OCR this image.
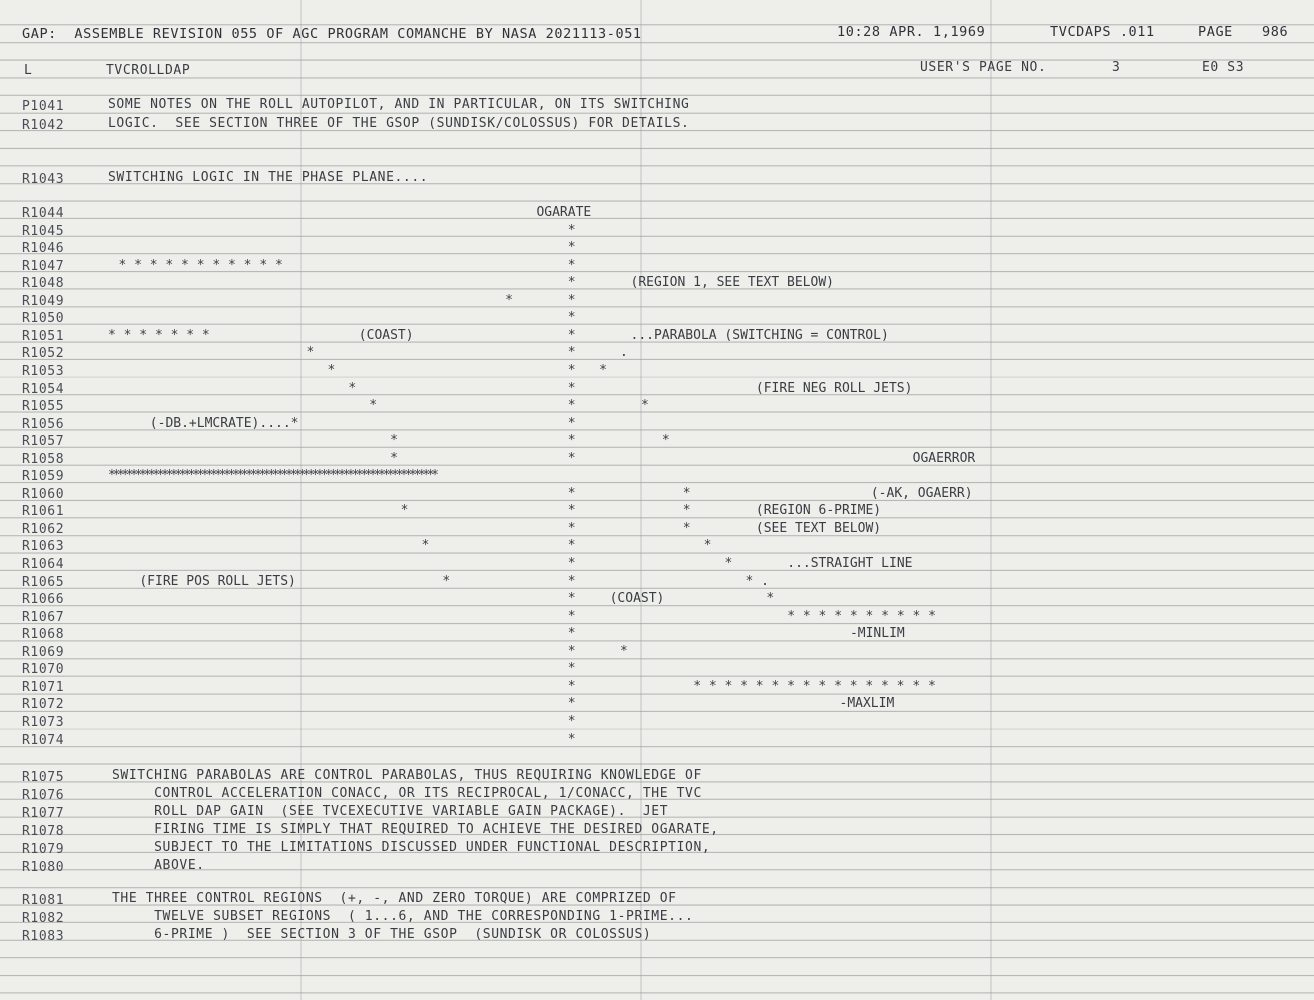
GAP:  ASSEMBLE REVISION 055 OF AGC PROGRAM COMANCHE BY NASA 2021113-051	10:28 APR. 1,1969	TVCDAPS .011	PAGE 986
L	TVCROLLDAP	USER'S PAGE NO.	3	E0 S3
P1041	SOME NOTES ON THE ROLL AUTOPILOT, AND IN PARTICULAR, ON ITS SWITCHING
R1042	LOGIC.  SEE SECTION THREE OF THE GSOP (SUNDISK/COLOSSUS) FOR DETAILS.
R1043	SWITCHING LOGIC IN THE PHASE PLANE....
R1044	OGARATE
R1045	*
R1046	*
R1047	* * * * * * * * * * *	*
R1048	*	(REGION 1, SEE TEXT BELOW)
R1049	*	*
R1050	*
R1051	* * * * * * *	(COAST)	*	...PARABOLA (SWITCHING = CONTROL)
R1052	*	*	.
R1053	*	* *
R1054	*	*	(FIRE NEG ROLL JETS)
R1055	*	*	*
R1056	(-DB.+LMCRATE)....*	*
R1057	*	*	*
R1058	*	*	OGAERROR
R1059	**************************************************************************
R1060	*	*	(-AK, OGAERR)
R1061	*	*	*	(REGION 6-PRIME)
R1062	*	*	(SEE TEXT BELOW)
R1063	*	*	*
R1064	*	*	...STRAIGHT LINE
R1065	(FIRE POS ROLL JETS)	*	*	* .
R1066	*	(COAST)	*
R1067	*	* * * * * * * * * *
R1068	*	-MINLIM
R1069	*	*
R1070	*
R1071	*	* * * * * * * * * * * * * * * *
R1072	*	-MAXLIM
R1073	*
R1074	*
R1075	SWITCHING PARABOLAS ARE CONTROL PARABOLAS, THUS REQUIRING KNOWLEDGE OF
R1076	CONTROL ACCELERATION CONACC, OR ITS RECIPROCAL, 1/CONACC, THE TVC
R1077	ROLL DAP GAIN  (SEE TVCEXECUTIVE VARIABLE GAIN PACKAGE).  JET
R1078	FIRING TIME IS SIMPLY THAT REQUIRED TO ACHIEVE THE DESIRED OGARATE,
R1079	SUBJECT TO THE LIMITATIONS DISCUSSED UNDER FUNCTIONAL DESCRIPTION,
R1080	ABOVE.
R1081	THE THREE CONTROL REGIONS  (+, -, AND ZERO TORQUE) ARE COMPRIZED OF
R1082	TWELVE SUBSET REGIONS  ( 1...6, AND THE CORRESPONDING 1-PRIME...
R1083	6-PRIME )  SEE SECTION 3 OF THE GSOP  (SUNDISK OR COLOSSUS)
